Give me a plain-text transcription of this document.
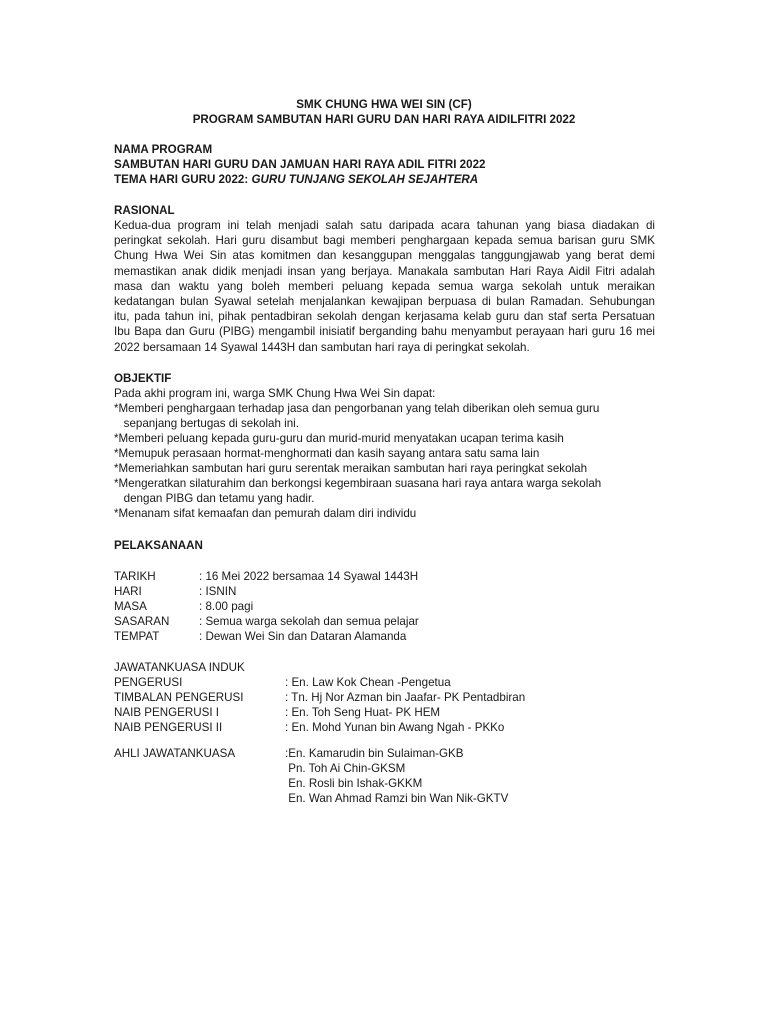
SMK CHUNG HWA WEI SIN (CF)
PROGRAM SAMBUTAN HARI GURU DAN HARI RAYA AIDILFITRI 2022
NAMA PROGRAM
SAMBUTAN HARI GURU DAN JAMUAN HARI RAYA ADIL FITRI 2022
TEMA HARI GURU 2022: GURU TUNJANG SEKOLAH SEJAHTERA
RASIONAL
Kedua-dua program ini telah menjadi salah satu daripada acara tahunan yang biasa diadakan di
peringkat sekolah. Hari guru disambut bagi memberi penghargaan kepada semua barisan guru SMK
Chung Hwa Wei Sin atas komitmen dan kesanggupan menggalas tanggungjawab yang berat demi
memastikan anak didik menjadi insan yang berjaya. Manakala sambutan Hari Raya Aidil Fitri adalah
masa dan waktu yang boleh memberi peluang kepada semua warga sekolah untuk meraikan
kedatangan bulan Syawal setelah menjalankan kewajipan berpuasa di bulan Ramadan. Sehubungan
itu, pada tahun ini, pihak pentadbiran sekolah dengan kerjasama kelab guru dan staf serta Persatuan
Ibu Bapa dan Guru (PIBG) mengambil inisiatif berganding bahu menyambut perayaan hari guru 16 mei
2022 bersamaan 14 Syawal 1443H dan sambutan hari raya di peringkat sekolah.
OBJEKTIF
Pada akhi program ini, warga SMK Chung Hwa Wei Sin dapat:
*Memberi penghargaan terhadap jasa dan pengorbanan yang telah diberikan oleh semua guru
sepanjang bertugas di sekolah ini.
*Memberi peluang kepada guru-guru dan murid-murid menyatakan ucapan terima kasih
*Memupuk perasaan hormat-menghormati dan kasih sayang antara satu sama lain
*Memeriahkan sambutan hari guru serentak meraikan sambutan hari raya peringkat sekolah
*Mengeratkan silaturahim dan berkongsi kegembiraan suasana hari raya antara warga sekolah
dengan PIBG dan tetamu yang hadir.
*Menanam sifat kemaafan dan pemurah dalam diri individu
PELAKSANAAN
TARIKH	: 16 Mei 2022 bersamaa 14 Syawal 1443H
HARI	: ISNIN
MASA	: 8.00 pagi
SASARAN	: Semua warga sekolah dan semua pelajar
TEMPAT	: Dewan Wei Sin dan Dataran Alamanda
JAWATANKUASA INDUK
PENGERUSI	: En. Law Kok Chean -Pengetua
TIMBALAN PENGERUSI	: Tn. Hj Nor Azman bin Jaafar- PK Pentadbiran
NAIB PENGERUSI I	: En. Toh Seng Huat- PK HEM
NAIB PENGERUSI II	: En. Mohd Yunan bin Awang Ngah - PKKo
AHLI JAWATANKUASA	:En. Kamarudin bin Sulaiman-GKB
Pn. Toh Ai Chin-GKSM
En. Rosli bin Ishak-GKKM
En. Wan Ahmad Ramzi bin Wan Nik-GKTV
